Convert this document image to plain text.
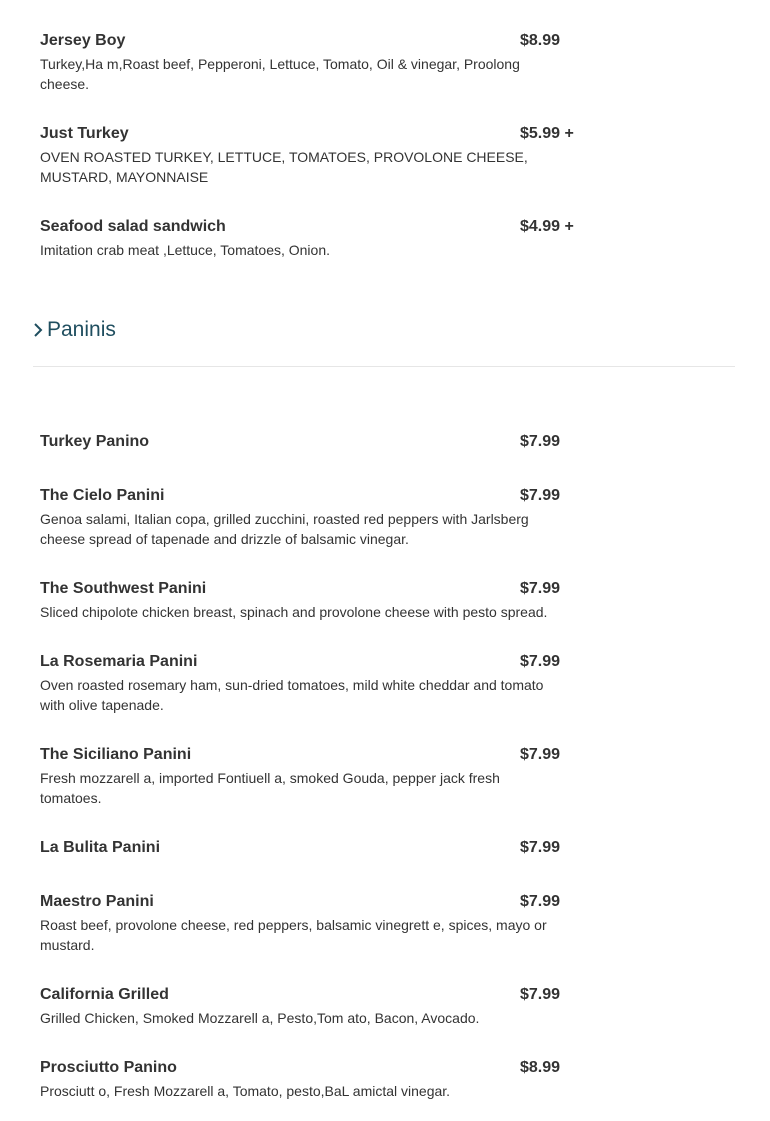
Jersey Boy	$8.99
Turkey,Ha m,Roast beef, Pepperoni, Lettuce, Tomato, Oil & vinegar, Proolong cheese.
Just Turkey	$5.99 +
OVEN ROASTED TURKEY, LETTUCE, TOMATOES, PROVOLONE CHEESE, MUSTARD, MAYONNAISE
Seafood salad sandwich	$4.99 +
Imitation crab meat ,Lettuce, Tomatoes, Onion.
Paninis
Turkey Panino	$7.99
The Cielo Panini	$7.99
Genoa salami, Italian copa, grilled zucchini, roasted red peppers with Jarlsberg cheese spread of tapenade and drizzle of balsamic vinegar.
The Southwest Panini	$7.99
Sliced chipolote chicken breast, spinach and provolone cheese with pesto spread.
La Rosemaria Panini	$7.99
Oven roasted rosemary ham, sun-dried tomatoes, mild white cheddar and tomato with olive tapenade.
The Siciliano Panini	$7.99
Fresh mozzarell a, imported Fontiuell a, smoked Gouda, pepper jack fresh tomatoes.
La Bulita Panini	$7.99
Maestro Panini	$7.99
Roast beef, provolone cheese, red peppers, balsamic vinegrett e, spices, mayo or mustard.
California Grilled	$7.99
Grilled Chicken, Smoked Mozzarell a, Pesto,Tom ato, Bacon, Avocado.
Prosciutto Panino	$8.99
Prosciutt o, Fresh Mozzarell a, Tomato, pesto,BaL amictal vinegar.
